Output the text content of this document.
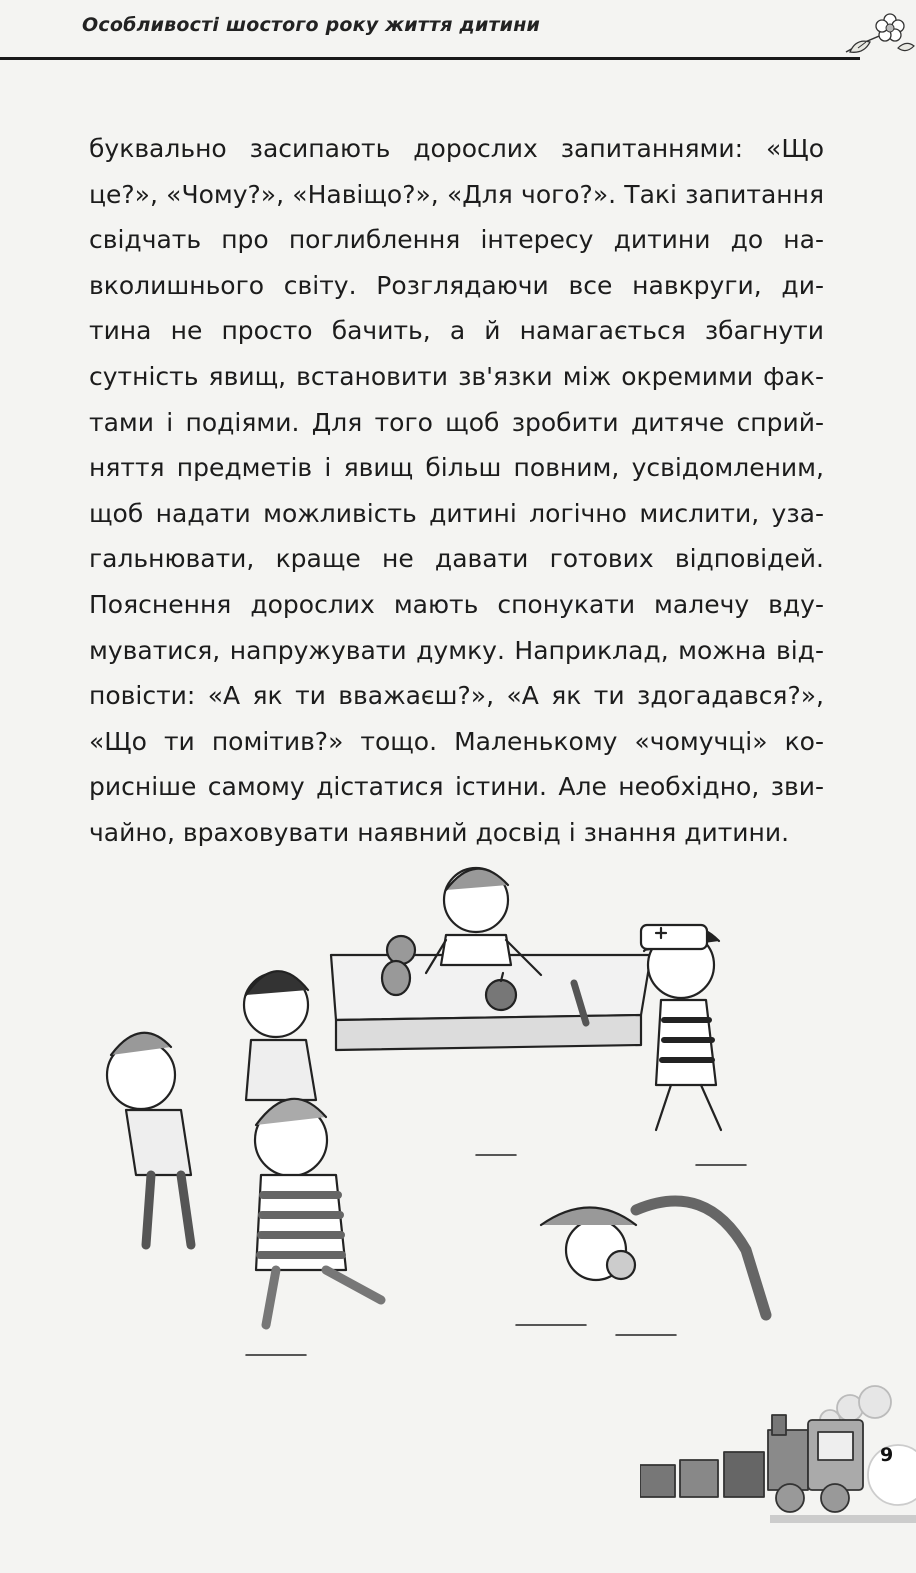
Особливості шостого року життя дитини
буквально засипають дорослих запитаннями: «Що
це?», «Чому?», «Навіщо?», «Для чого?». Такі запитання
свідчать про поглиблення інтересу дитини до на-
вколишнього світу. Розглядаючи все навкруги, ди-
тина не просто бачить, а й намагається збагнути
сутність явищ, встановити зв'язки між окремими фак-
тами і подіями. Для того щоб зробити дитяче сприй-
няття предметів і явищ більш повним, усвідомленим,
щоб надати можливість дитині логічно мислити, уза-
гальнювати, краще не давати готових відповідей.
Пояснення дорослих мають спонукати малечу вду-
муватися, напружувати думку. Наприклад, можна від-
повісти: «А як ти вважаєш?», «А як ти здогадався?»,
«Що ти помітив?» тощо. Маленькому «чомучці» ко-
рисніше самому дістатися істини. Але необхідно, зви-
чайно, враховувати наявний досвід і знання дитини.
9
